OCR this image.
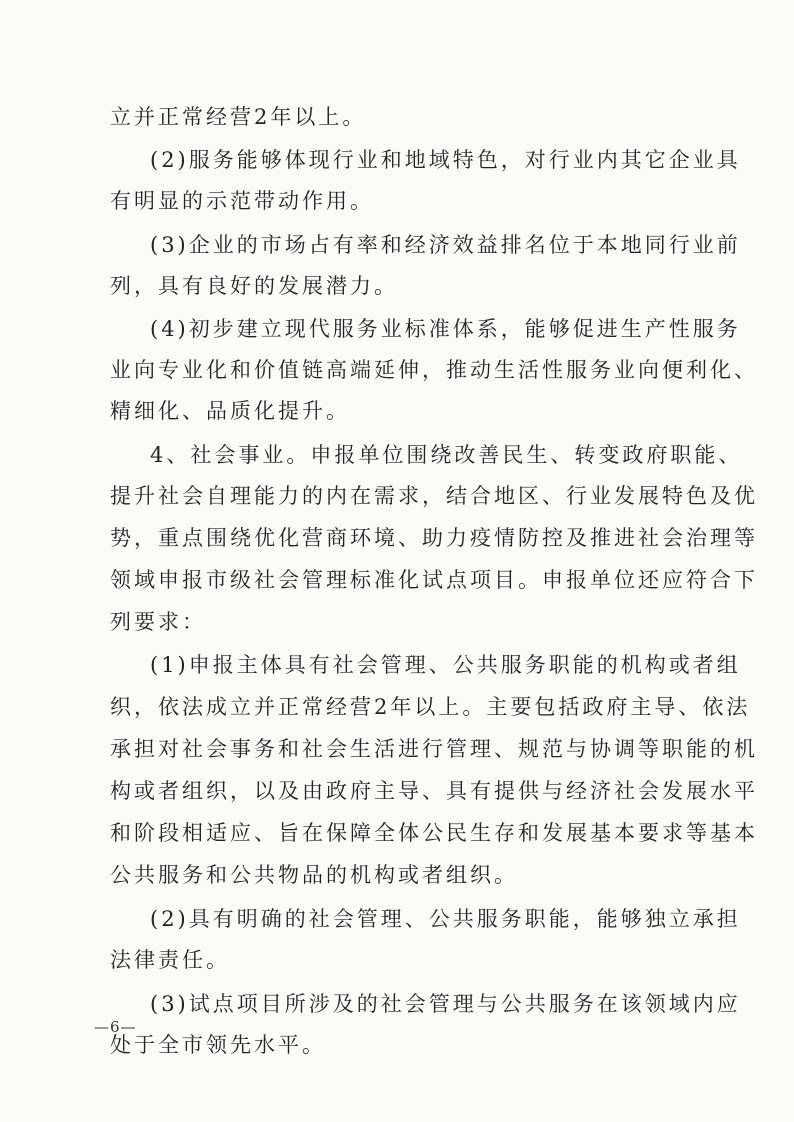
立并正常经营2年以上。
(2)服务能够体现行业和地域特色，对行业内其它企业具
有明显的示范带动作用。
(3)企业的市场占有率和经济效益排名位于本地同行业前
列，具有良好的发展潜力。
(4)初步建立现代服务业标准体系，能够促进生产性服务
业向专业化和价值链高端延伸，推动生活性服务业向便利化、
精细化、品质化提升。
4、社会事业。申报单位围绕改善民生、转变政府职能、
提升社会自理能力的内在需求，结合地区、行业发展特色及优
势，重点围绕优化营商环境、助力疫情防控及推进社会治理等
领域申报市级社会管理标准化试点项目。申报单位还应符合下
列要求：
(1)申报主体具有社会管理、公共服务职能的机构或者组
织，依法成立并正常经营2年以上。主要包括政府主导、依法
承担对社会事务和社会生活进行管理、规范与协调等职能的机
构或者组织，以及由政府主导、具有提供与经济社会发展水平
和阶段相适应、旨在保障全体公民生存和发展基本要求等基本
公共服务和公共物品的机构或者组织。
(2)具有明确的社会管理、公共服务职能，能够独立承担
法律责任。
(3)试点项目所涉及的社会管理与公共服务在该领域内应
处于全市领先水平。
—6—
